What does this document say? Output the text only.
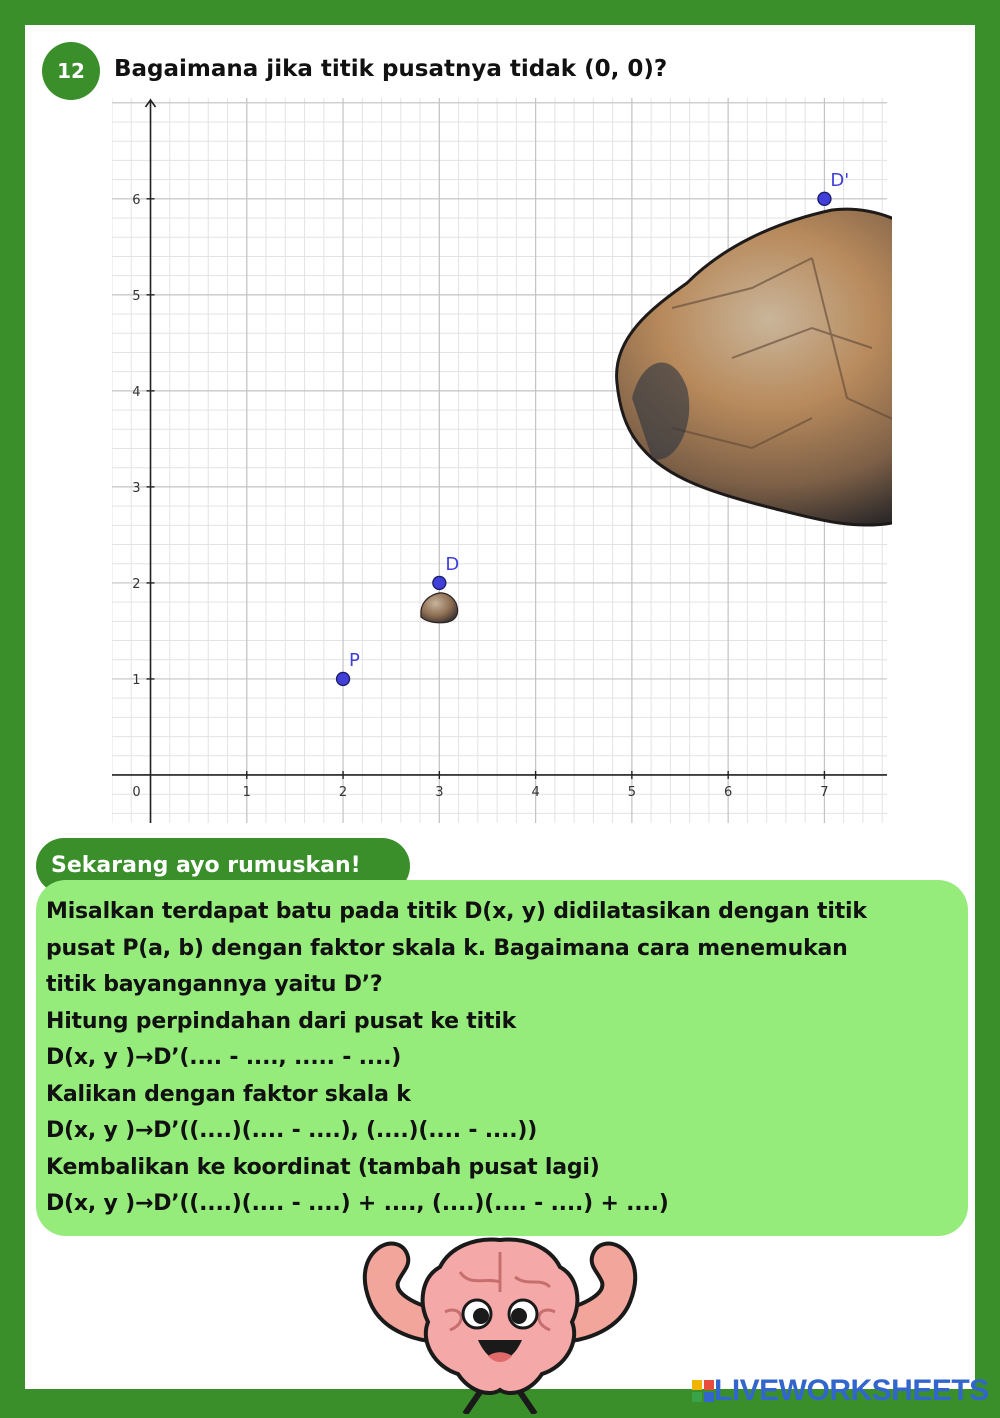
12	Bagaimana jika titik pusatnya tidak (0, 0)?
0	1	2	3	4	5	6	7
1
2
3
4
5
6
P
D
D'
Sekarang ayo rumuskan!
Misalkan terdapat batu pada titik D(x, y) didilatasikan dengan titik
pusat P(a, b) dengan faktor skala k. Bagaimana cara menemukan
titik bayangannya yaitu D’?
Hitung perpindahan dari pusat ke titik
D(x, y )→D’(.... - ...., ..... - ....)
Kalikan dengan faktor skala k
D(x, y )→D’((....)(.... - ....), (....)(.... - ....))
Kembalikan ke koordinat (tambah pusat lagi)
D(x, y )→D’((....)(.... - ....) + ...., (....)(.... - ....) + ....)
LIVEWORKSHEETS
